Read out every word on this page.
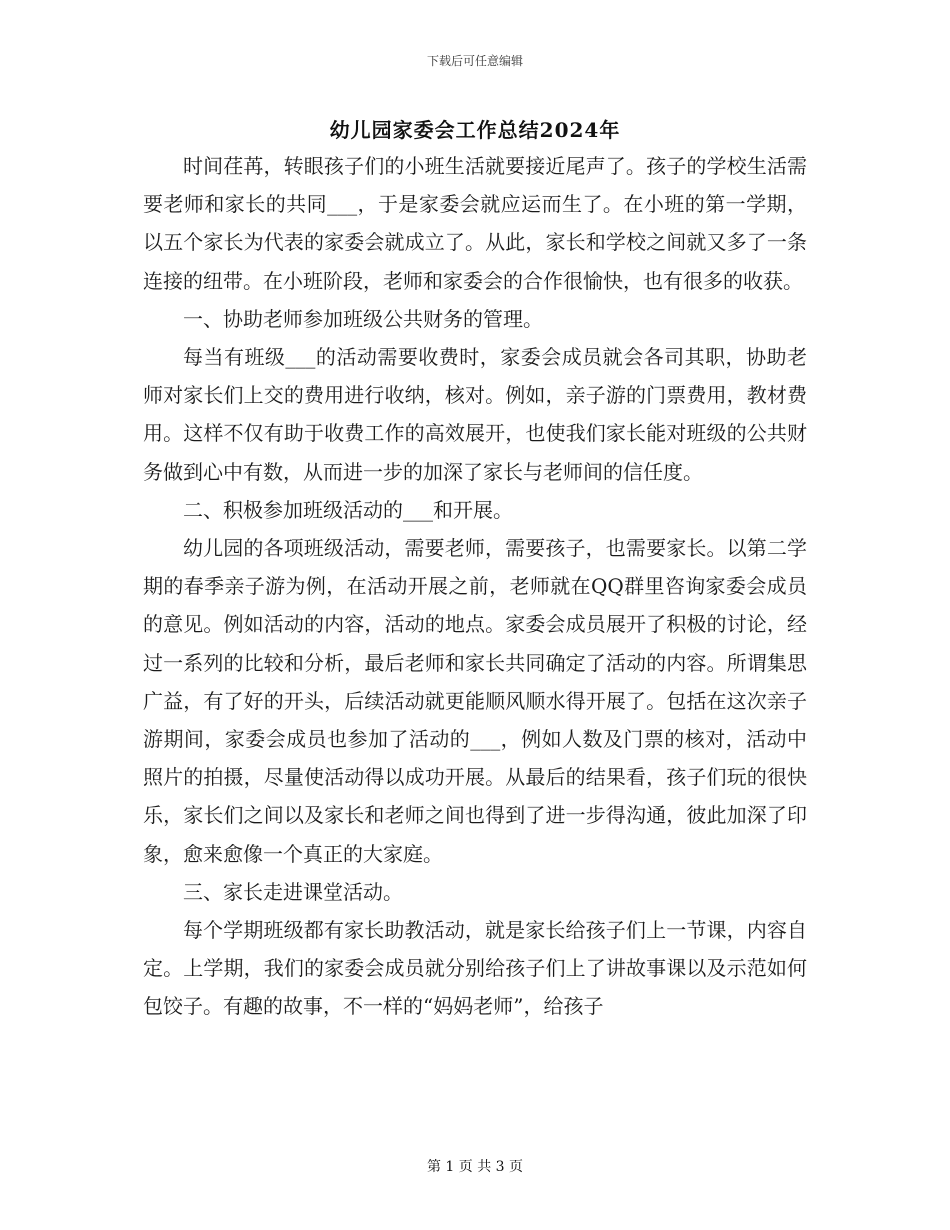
下载后可任意编辑
幼儿园家委会工作总结2024年

时间荏苒，转眼孩子们的小班生活就要接近尾声了。孩子的学校生活需要老师和家长的共同___，于是家委会就应运而生了。在小班的第一学期，以五个家长为代表的家委会就成立了。从此，家长和学校之间就又多了一条连接的纽带。在小班阶段，老师和家委会的合作很愉快，也有很多的收获。

一、协助老师参加班级公共财务的管理。

每当有班级___的活动需要收费时，家委会成员就会各司其职，协助老师对家长们上交的费用进行收纳，核对。例如，亲子游的门票费用，教材费用。这样不仅有助于收费工作的高效展开，也使我们家长能对班级的公共财务做到心中有数，从而进一步的加深了家长与老师间的信任度。

二、积极参加班级活动的___和开展。

幼儿园的各项班级活动，需要老师，需要孩子，也需要家长。以第二学期的春季亲子游为例，在活动开展之前，老师就在QQ群里咨询家委会成员的意见。例如活动的内容，活动的地点。家委会成员展开了积极的讨论，经过一系列的比较和分析，最后老师和家长共同确定了活动的内容。所谓集思广益，有了好的开头，后续活动就更能顺风顺水得开展了。包括在这次亲子游期间，家委会成员也参加了活动的___，例如人数及门票的核对，活动中照片的拍摄，尽量使活动得以成功开展。从最后的结果看，孩子们玩的很快乐，家长们之间以及家长和老师之间也得到了进一步得沟通，彼此加深了印象，愈来愈像一个真正的大家庭。

三、家长走进课堂活动。

每个学期班级都有家长助教活动，就是家长给孩子们上一节课，内容自定。上学期，我们的家委会成员就分别给孩子们上了讲故事课以及示范如何包饺子。有趣的故事，不一样的“妈妈老师”，给孩子

第 1 页 共 3 页
